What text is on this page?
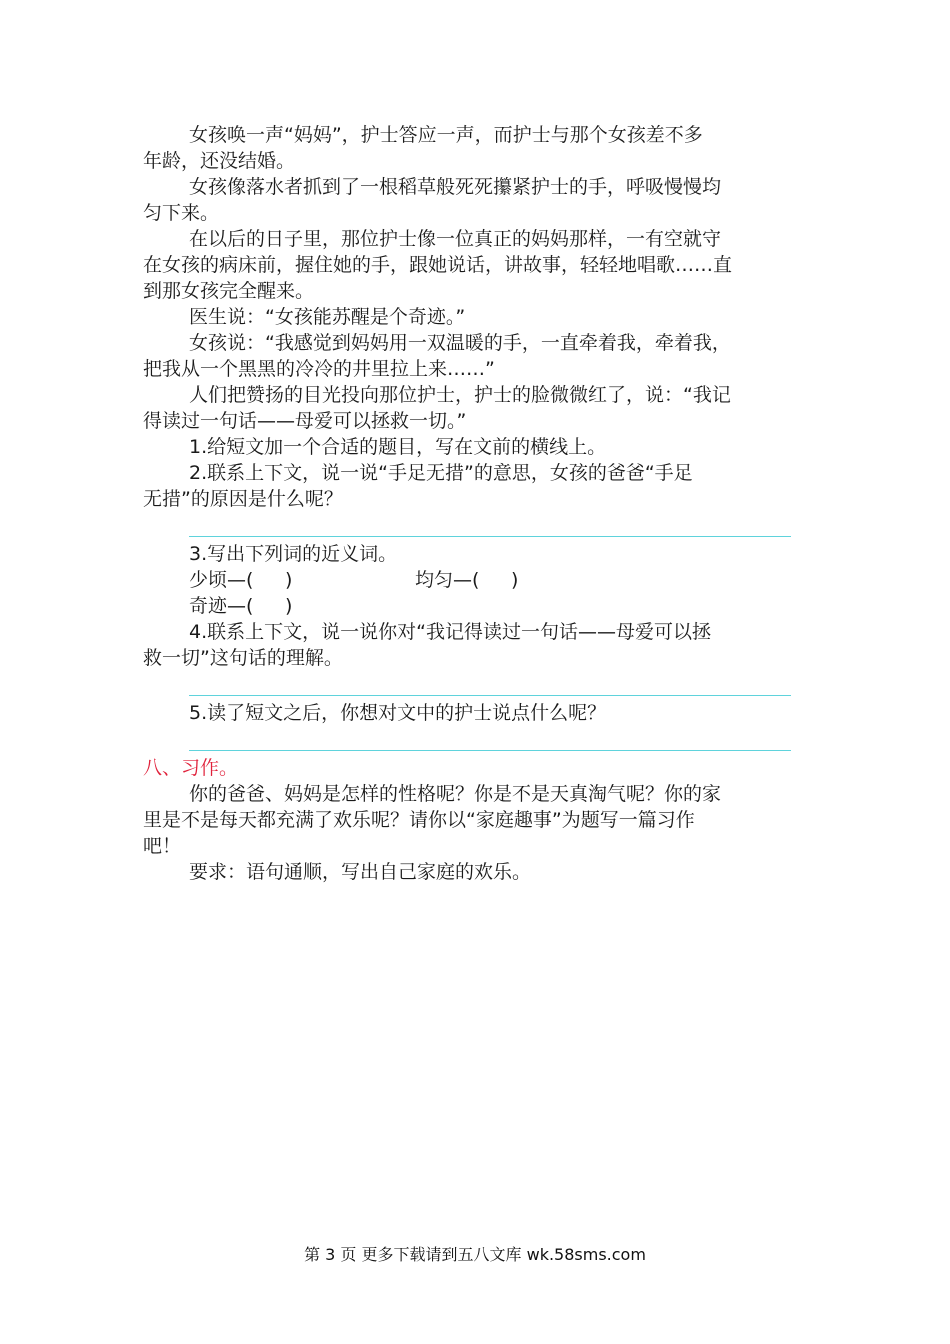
女孩唤一声“妈妈”，护士答应一声，而护士与那个女孩差不多
年龄，还没结婚。
女孩像落水者抓到了一根稻草般死死攥紧护士的手，呼吸慢慢均
匀下来。
在以后的日子里，那位护士像一位真正的妈妈那样，一有空就守
在女孩的病床前，握住她的手，跟她说话，讲故事，轻轻地唱歌……直
到那女孩完全醒来。
医生说：“女孩能苏醒是个奇迹。”
女孩说：“我感觉到妈妈用一双温暖的手，一直牵着我，牵着我，
把我从一个黑黑的冷冷的井里拉上来……”
人们把赞扬的目光投向那位护士，护士的脸微微红了，说：“我记
得读过一句话——母爱可以拯救一切。”
1.给短文加一个合适的题目，写在文前的横线上。
2.联系上下文，说一说“手足无措”的意思，女孩的爸爸“手足
无措”的原因是什么呢？
3.写出下列词的近义词。
少顷—( )	均匀—( )
奇迹—( )
4.联系上下文，说一说你对“我记得读过一句话——母爱可以拯
救一切”这句话的理解。
5.读了短文之后，你想对文中的护士说点什么呢？
八、习作。
你的爸爸、妈妈是怎样的性格呢？你是不是天真淘气呢？你的家
里是不是每天都充满了欢乐呢？请你以“家庭趣事”为题写一篇习作
吧！
要求：语句通顺，写出自己家庭的欢乐。
第 3 页 更多下载请到五八文库 wk.58sms.com
